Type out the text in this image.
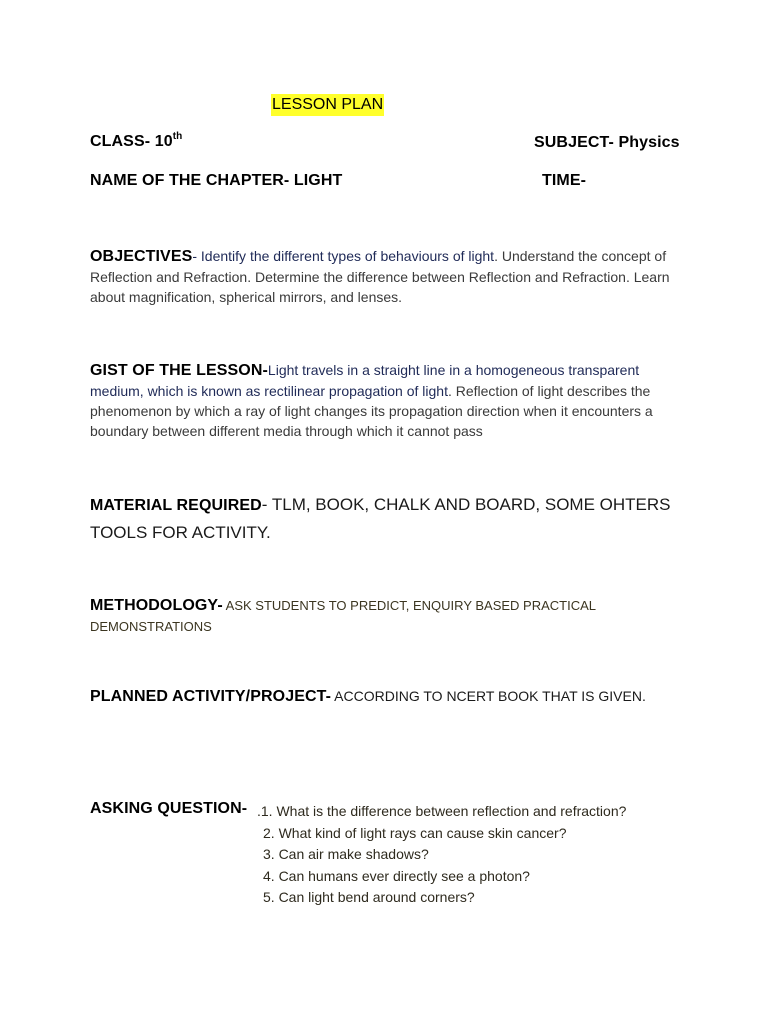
LESSON PLAN
CLASS- 10th	SUBJECT- Physics
NAME OF THE CHAPTER- LIGHT	TIME-
OBJECTIVES- Identify the different types of behaviours of light. Understand the concept of Reflection and Refraction. Determine the difference between Reflection and Refraction. Learn about magnification, spherical mirrors, and lenses.
GIST OF THE LESSON-Light travels in a straight line in a homogeneous transparent medium, which is known as rectilinear propagation of light. Reflection of light describes the phenomenon by which a ray of light changes its propagation direction when it encounters a boundary between different media through which it cannot pass
MATERIAL REQUIRED- TLM, BOOK, CHALK AND BOARD, SOME OHTERS TOOLS FOR ACTIVITY.
METHODOLOGY- ASK STUDENTS TO PREDICT, ENQUIRY BASED PRACTICAL DEMONSTRATIONS
PLANNED ACTIVITY/PROJECT- ACCORDING TO NCERT BOOK THAT IS GIVEN.
ASKING QUESTION- .1. What is the difference between reflection and refraction?
2. What kind of light rays can cause skin cancer?
3. Can air make shadows?
4. Can humans ever directly see a photon?
5. Can light bend around corners?
